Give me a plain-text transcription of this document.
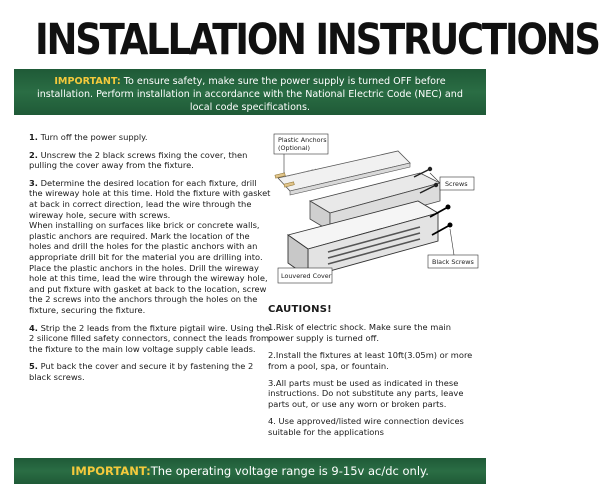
INSTALLATION INSTRUCTIONS
IMPORTANT: To ensure safety, make sure the power supply is turned OFF before installation. Perform installation in accordance with the National Electric Code (NEC) and local code specifications.

1. Turn off the power supply.

2. Unscrew the 2 black screws fixing the cover, then pulling the cover away from the fixture.

3. Determine the desired location for each fixture, drill the wireway hole at this time. Hold the fixture with gasket at back in correct direction, lead the wire through the wireway hole, secure with screws.
When installing on surfaces like brick or concrete walls, plastic anchors are required. Mark the location of the holes and drill the holes for the plastic anchors with an appropriate drill bit for the material you are drilling into. Place the plastic anchors in the holes. Drill the wireway hole at this time, lead the wire through the wireway hole, and put fixture with gasket at back to the location, screw the 2 screws into the anchors through the holes on the fixture, securing the fixture.

4. Strip the 2 leads from the fixture pigtail wire. Using the 2 silicone filled safety connectors, connect the leads from the fixture to the main low voltage supply cable leads.

5. Put back the cover and secure it by fastening the 2 black screws.

Plastic Anchors
(Optional)
Screws
Black Screws
Louvered Cover
CAUTIONS!

1.Risk of electric shock. Make sure the main power supply is turned off.

2.Install the fixtures at least 10ft(3.05m) or more from a pool, spa, or fountain.

3.All parts must be used as indicated in these instructions. Do not substitute any parts, leave parts out, or use any worn or broken parts.

4. Use approved/listed wire connection devices suitable for the applications

IMPORTANT:The operating voltage range is 9-15v ac/dc only.
